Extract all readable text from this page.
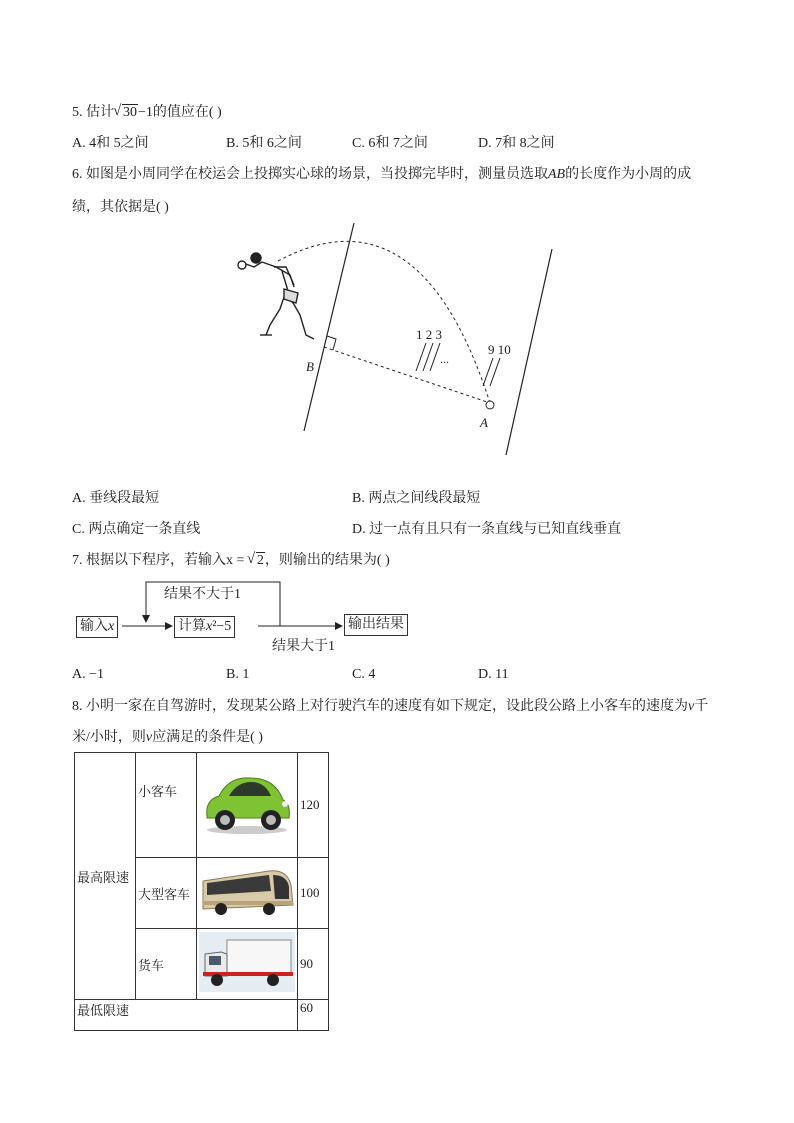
5. 估计 √ 30−1的值应在( )
A. 4和 5之间	B. 5和 6之间	C. 6和 7之间	D. 7和 8之间
6. 如图是小周同学在校运会上投掷实心球的场景，当投掷完毕时，测量员选取AB的长度作为小周的成
绩，其依据是( )
1 2 3
...
9 10
B
A
A. 垂线段最短	B. 两点之间线段最短
C. 两点确定一条直线	D. 过一点有且只有一条直线与已知直线垂直
7. 根据以下程序，若输入x = √ 2，则输出的结果为( )
输入x	计算x²−5	输出结果
结果不大于1
结果大于1
A. −1	B. 1	C. 4	D. 11
8. 小明一家在自驾游时，发现某公路上对行驶汽车的速度有如下规定，设此段公路上小客车的速度为v千
米/小时，则v应满足的条件是( )
最高限速	小客车		120
	大型客车		100
	货车		90
最低限速			60
